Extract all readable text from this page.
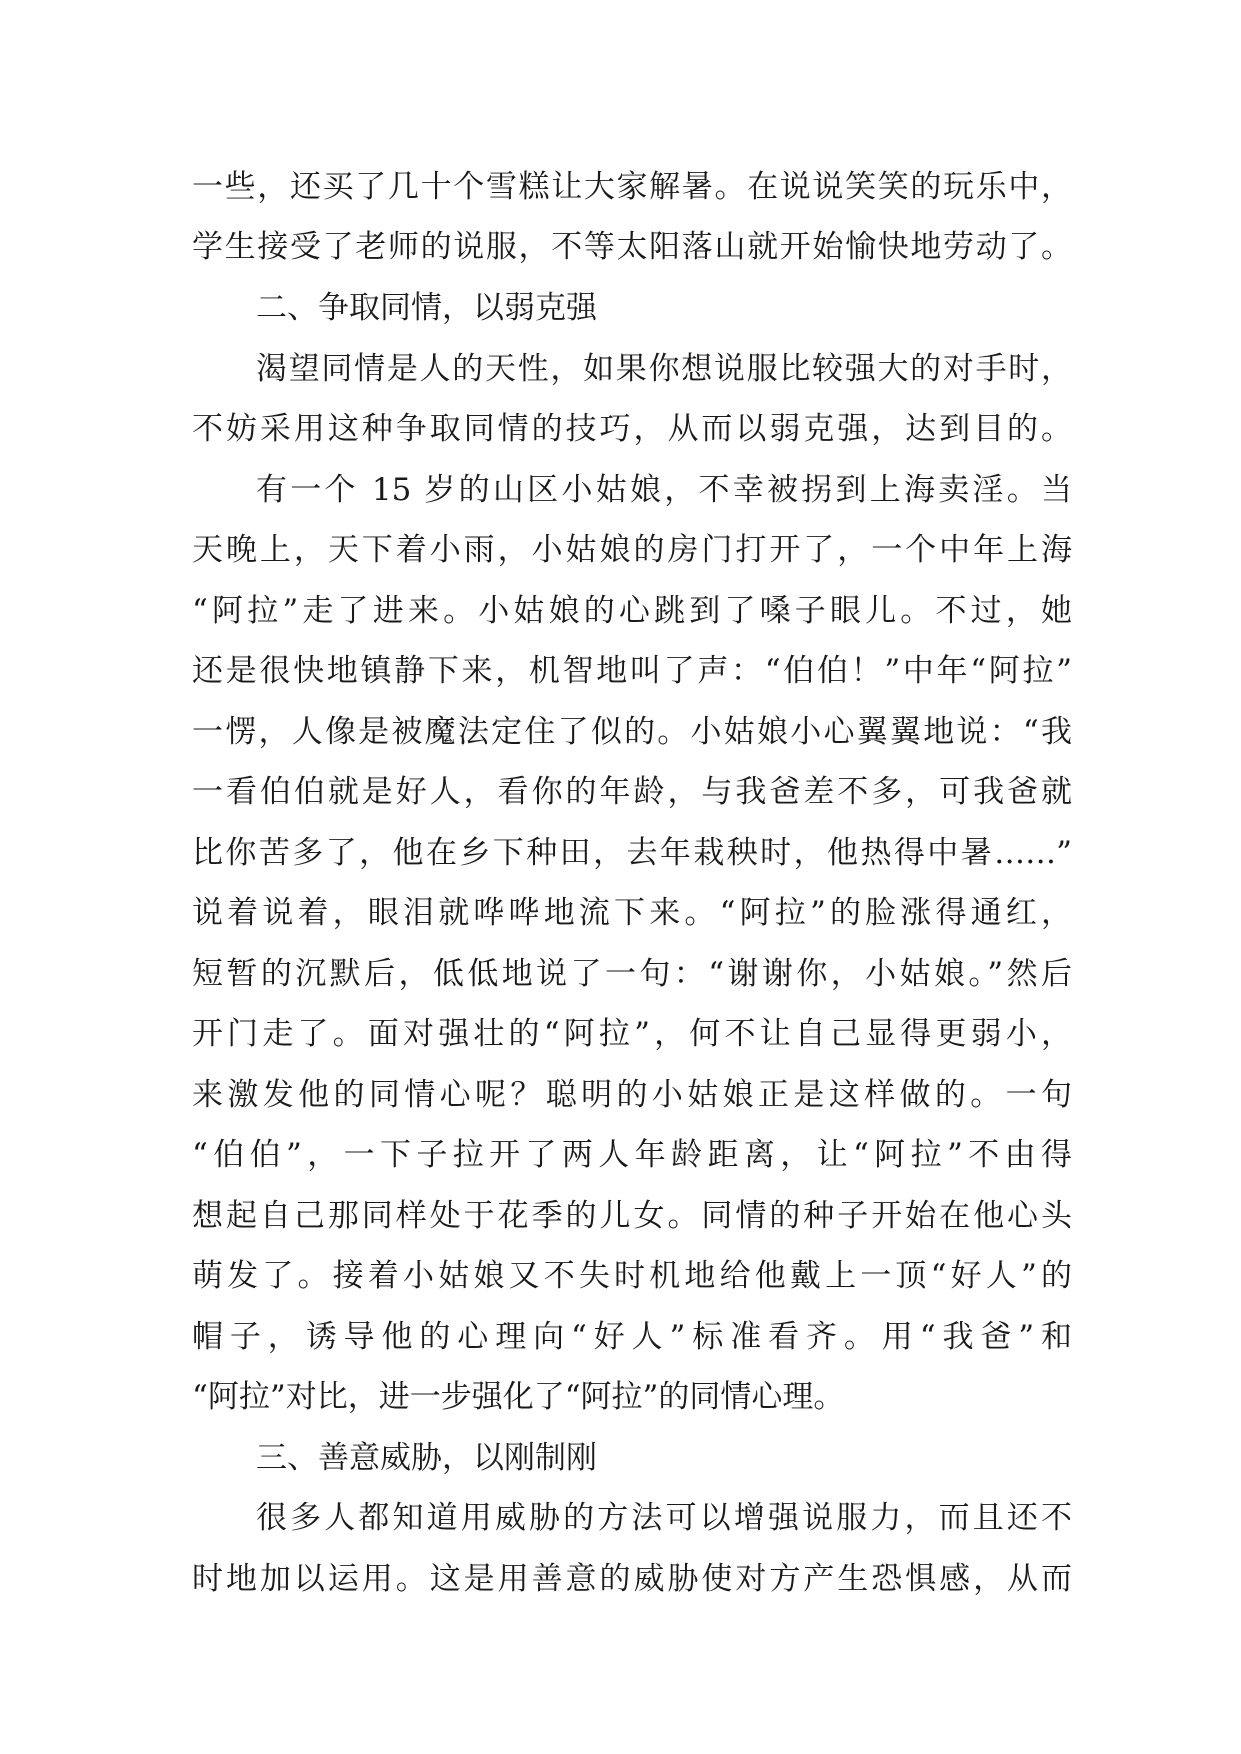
一些，还买了几十个雪糕让大家解暑。在说说笑笑的玩乐中，
学生接受了老师的说服，不等太阳落山就开始愉快地劳动了。
二、争取同情，以弱克强
渴望同情是人的天性，如果你想说服比较强大的对手时，
不妨采用这种争取同情的技巧，从而以弱克强，达到目的。
有一个 15 岁的山区小姑娘，不幸被拐到上海卖淫。当
天晚上，天下着小雨，小姑娘的房门打开了，一个中年上海
“阿拉”走了进来。小姑娘的心跳到了嗓子眼儿。不过，她
还是很快地镇静下来，机智地叫了声：“伯伯！”中年“阿拉”
一愣，人像是被魔法定住了似的。小姑娘小心翼翼地说：“我
一看伯伯就是好人，看你的年龄，与我爸差不多，可我爸就
比你苦多了，他在乡下种田，去年栽秧时，他热得中暑……”
说着说着，眼泪就哗哗地流下来。“阿拉”的脸涨得通红，
短暂的沉默后，低低地说了一句：“谢谢你，小姑娘。”然后
开门走了。面对强壮的“阿拉”，何不让自己显得更弱小，
来激发他的同情心呢？聪明的小姑娘正是这样做的。一句
“伯伯”，一下子拉开了两人年龄距离，让“阿拉”不由得
想起自己那同样处于花季的儿女。同情的种子开始在他心头
萌发了。接着小姑娘又不失时机地给他戴上一顶“好人”的
帽子，诱导他的心理向“好人”标准看齐。用“我爸”和
“阿拉”对比，进一步强化了“阿拉”的同情心理。
三、善意威胁，以刚制刚
很多人都知道用威胁的方法可以增强说服力，而且还不
时地加以运用。这是用善意的威胁使对方产生恐惧感，从而
